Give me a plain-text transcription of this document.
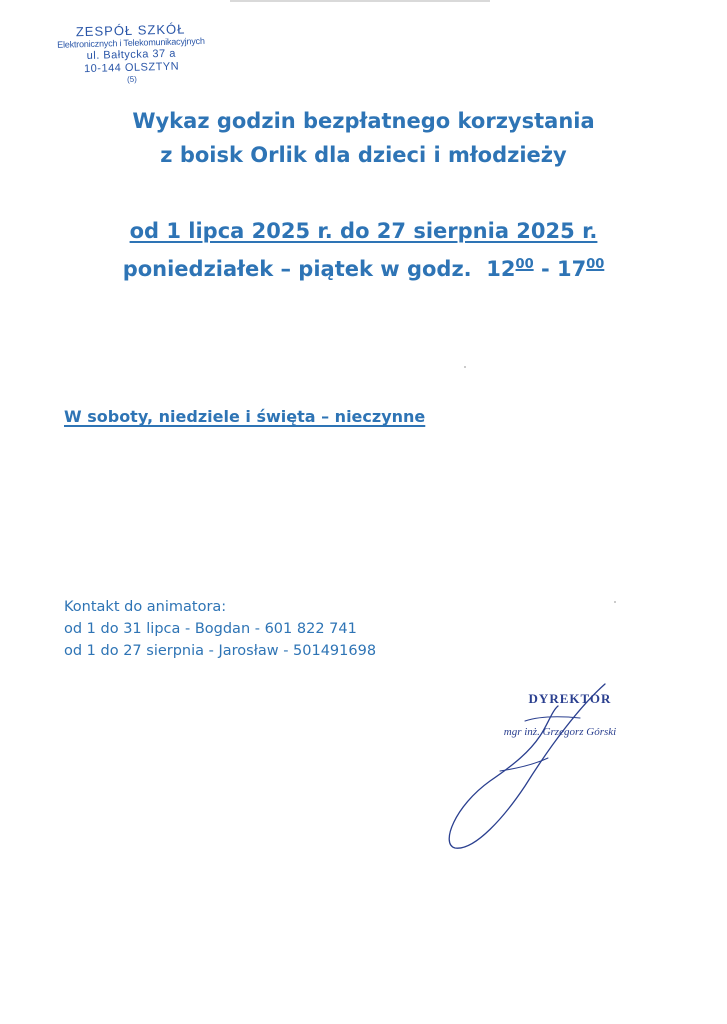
ZESPÓŁ SZKÓŁ
Elektronicznych i Telekomunikacyjnych
ul. Bałtycka 37 a
10-144 OLSZTYN
(5)
Wykaz godzin bezpłatnego korzystania
z boisk Orlik dla dzieci i młodzieży
od 1 lipca 2025 r. do 27 sierpnia 2025 r.
poniedziałek – piątek w godz. $12^{00} - 17^{00}$
W soboty, niedziele i święta – nieczynne
Kontakt do animatora:
od 1 do 31 lipca - Bogdan - 601 822 741
od 1 do 27 sierpnia - Jarosław - 501491698
DYREKTOR
mgr inż. Grzegorz Górski
